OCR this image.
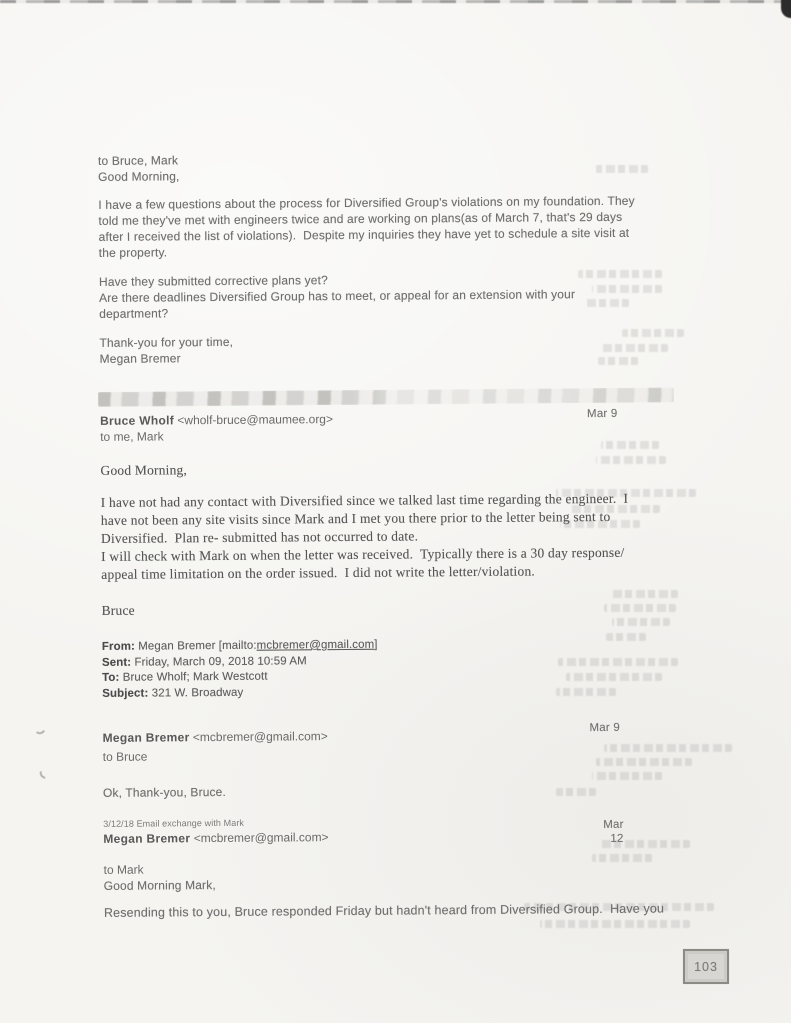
to Bruce, Mark
Good Morning,
I have a few questions about the process for Diversified Group's violations on my foundation. They
told me they've met with engineers twice and are working on plans(as of March 7, that's 29 days
after I received the list of violations).  Despite my inquiries they have yet to schedule a site visit at
the property.
Have they submitted corrective plans yet?
Are there deadlines Diversified Group has to meet, or appeal for an extension with your
department?
Thank-you for your time,
Megan Bremer
Bruce Wholf <wholf-bruce@maumee.org>
to me, Mark
Good Morning,
I have not had any contact with Diversified since we talked last time regarding the engineer.  I
have not been any site visits since Mark and I met you there prior to the letter being sent to
Diversified.  Plan re- submitted has not occurred to date.
I will check with Mark on when the letter was received.  Typically there is a 30 day response/
appeal time limitation on the order issued.  I did not write the letter/violation.
Bruce
Mar 9
From: Megan Bremer [mailto:mcbremer@gmail.com]
Sent: Friday, March 09, 2018 10:59 AM
To: Bruce Wholf; Mark Westcott
Subject: 321 W. Broadway
Megan Bremer <mcbremer@gmail.com>
to Bruce
Ok, Thank-you, Bruce.
Mar 9
3/12/18 Email exchange with Mark
Megan Bremer <mcbremer@gmail.com>
to Mark
Good Morning Mark,
Resending this to you, Bruce responded Friday but hadn't heard from Diversified Group.  Have you
Mar
12
103
